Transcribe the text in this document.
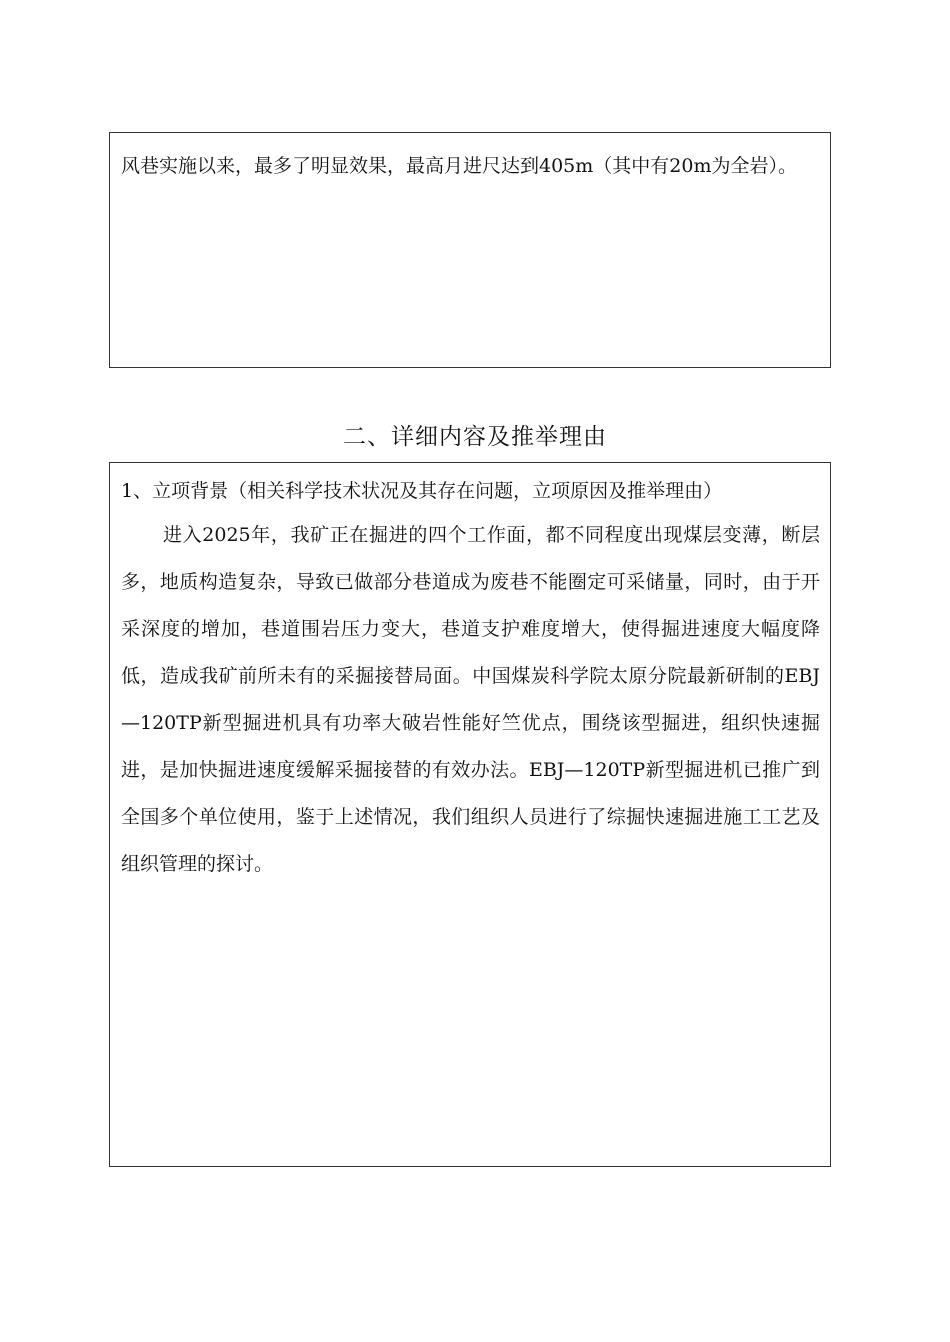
风巷实施以来，最多了明显效果，最高月进尺达到405m（其中有20m为全岩）。

二、详细内容及推举理由

1、立项背景（相关科学技术状况及其存在问题，立项原因及推举理由）

进入2025年，我矿正在掘进的四个工作面，都不同程度出现煤层变薄，断层多，地质构造复杂，导致已做部分巷道成为废巷不能圈定可采储量，同时，由于开采深度的增加，巷道围岩压力变大，巷道支护难度增大，使得掘进速度大幅度降低，造成我矿前所未有的采掘接替局面。中国煤炭科学院太原分院最新研制的EBJ—120TP新型掘进机具有功率大破岩性能好竺优点，围绕该型掘进，组织快速掘进，是加快掘进速度缓解采掘接替的有效办法。EBJ—120TP新型掘进机已推广到全国多个单位使用，鉴于上述情况，我们组织人员进行了综掘快速掘进施工工艺及组织管理的探讨。
